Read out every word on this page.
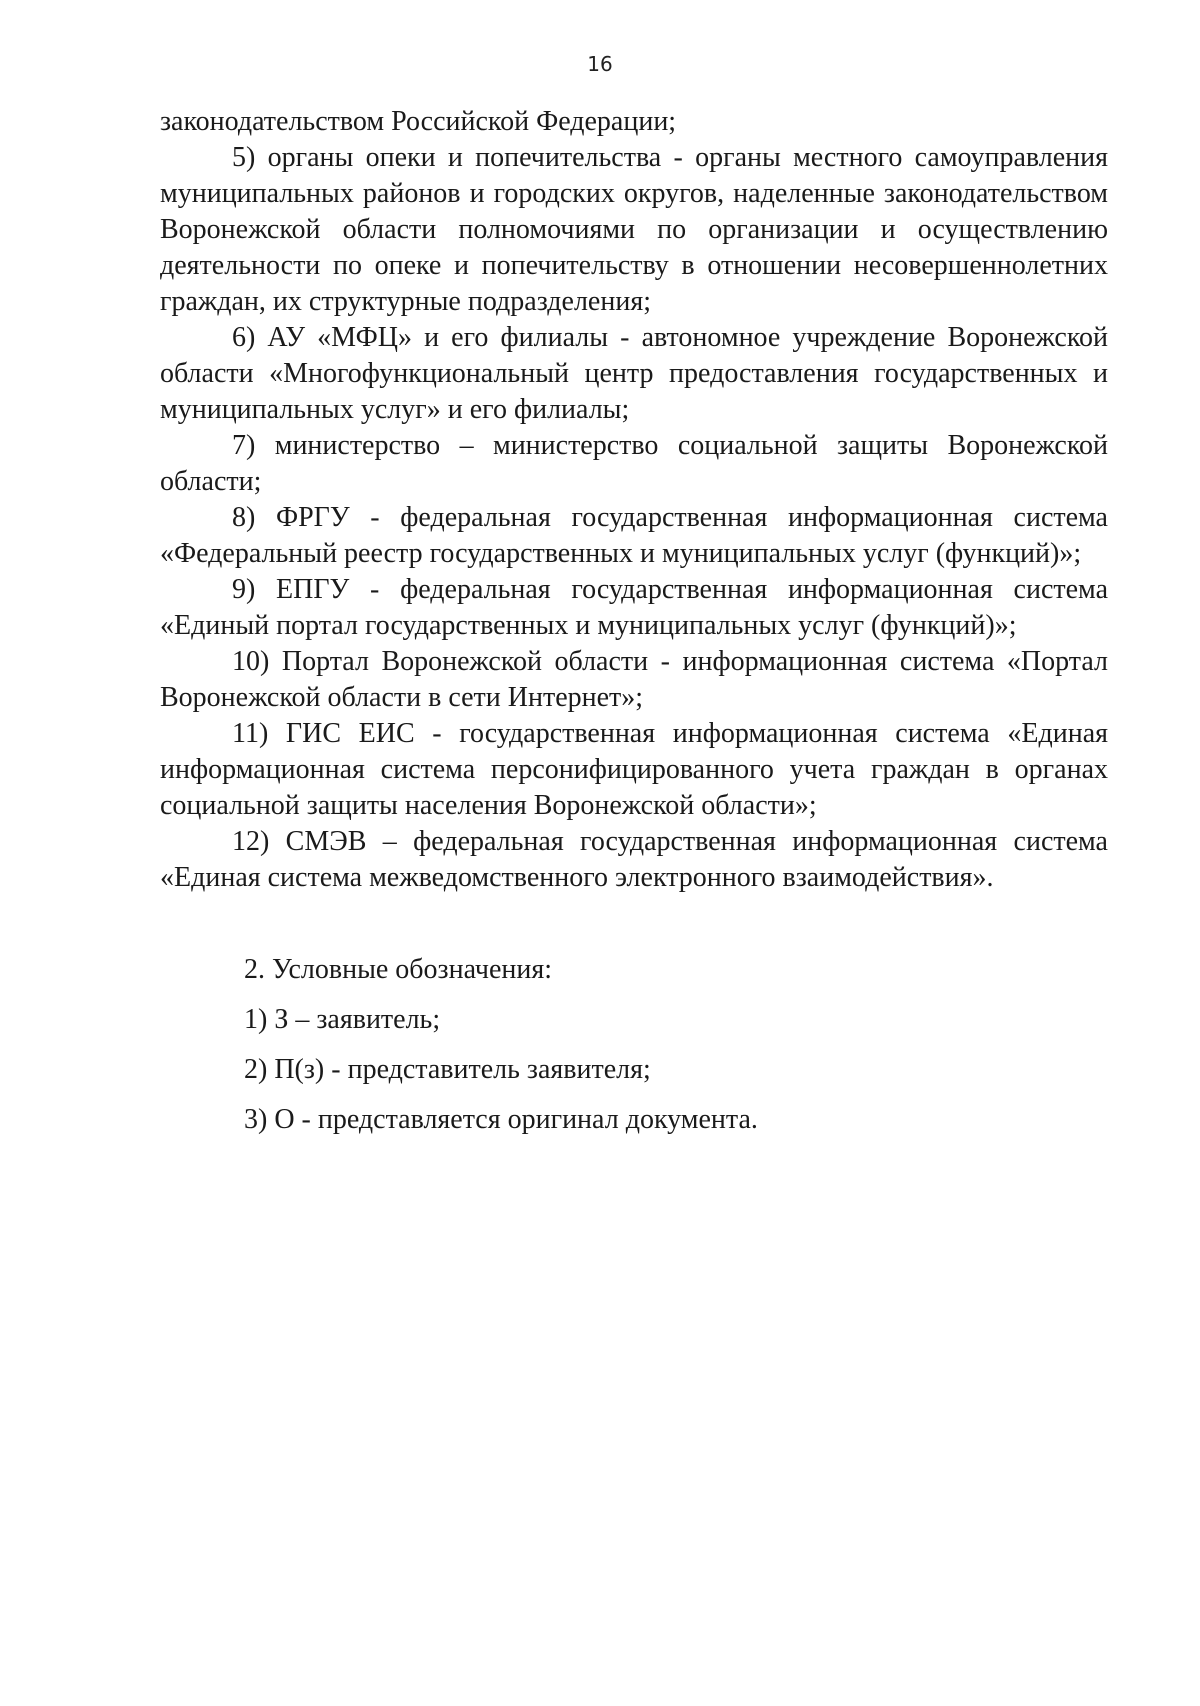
16

законодательством Российской Федерации;

5) органы опеки и попечительства - органы местного самоуправления муниципальных районов и городских округов, наделенные законодательством Воронежской области полномочиями по организации и осуществлению деятельности по опеке и попечительству в отношении несовершеннолетних граждан, их структурные подразделения;

6) АУ «МФЦ» и его филиалы - автономное учреждение Воронежской области «Многофункциональный центр предоставления государственных и муниципальных услуг» и его филиалы;

7) министерство – министерство социальной защиты Воронежской области;

8) ФРГУ - федеральная государственная информационная система «Федеральный реестр государственных и муниципальных услуг (функций)»;

9) ЕПГУ - федеральная государственная информационная система «Единый портал государственных и муниципальных услуг (функций)»;

10) Портал Воронежской области - информационная система «Портал Воронежской области в сети Интернет»;

11) ГИС ЕИС - государственная информационная система «Единая информационная система персонифицированного учета граждан в органах социальной защиты населения Воронежской области»;

12) СМЭВ – федеральная государственная информационная система «Единая система межведомственного электронного взаимодействия».

2. Условные обозначения:

1) З – заявитель;

2) П(з) - представитель заявителя;

3) О - представляется оригинал документа.
